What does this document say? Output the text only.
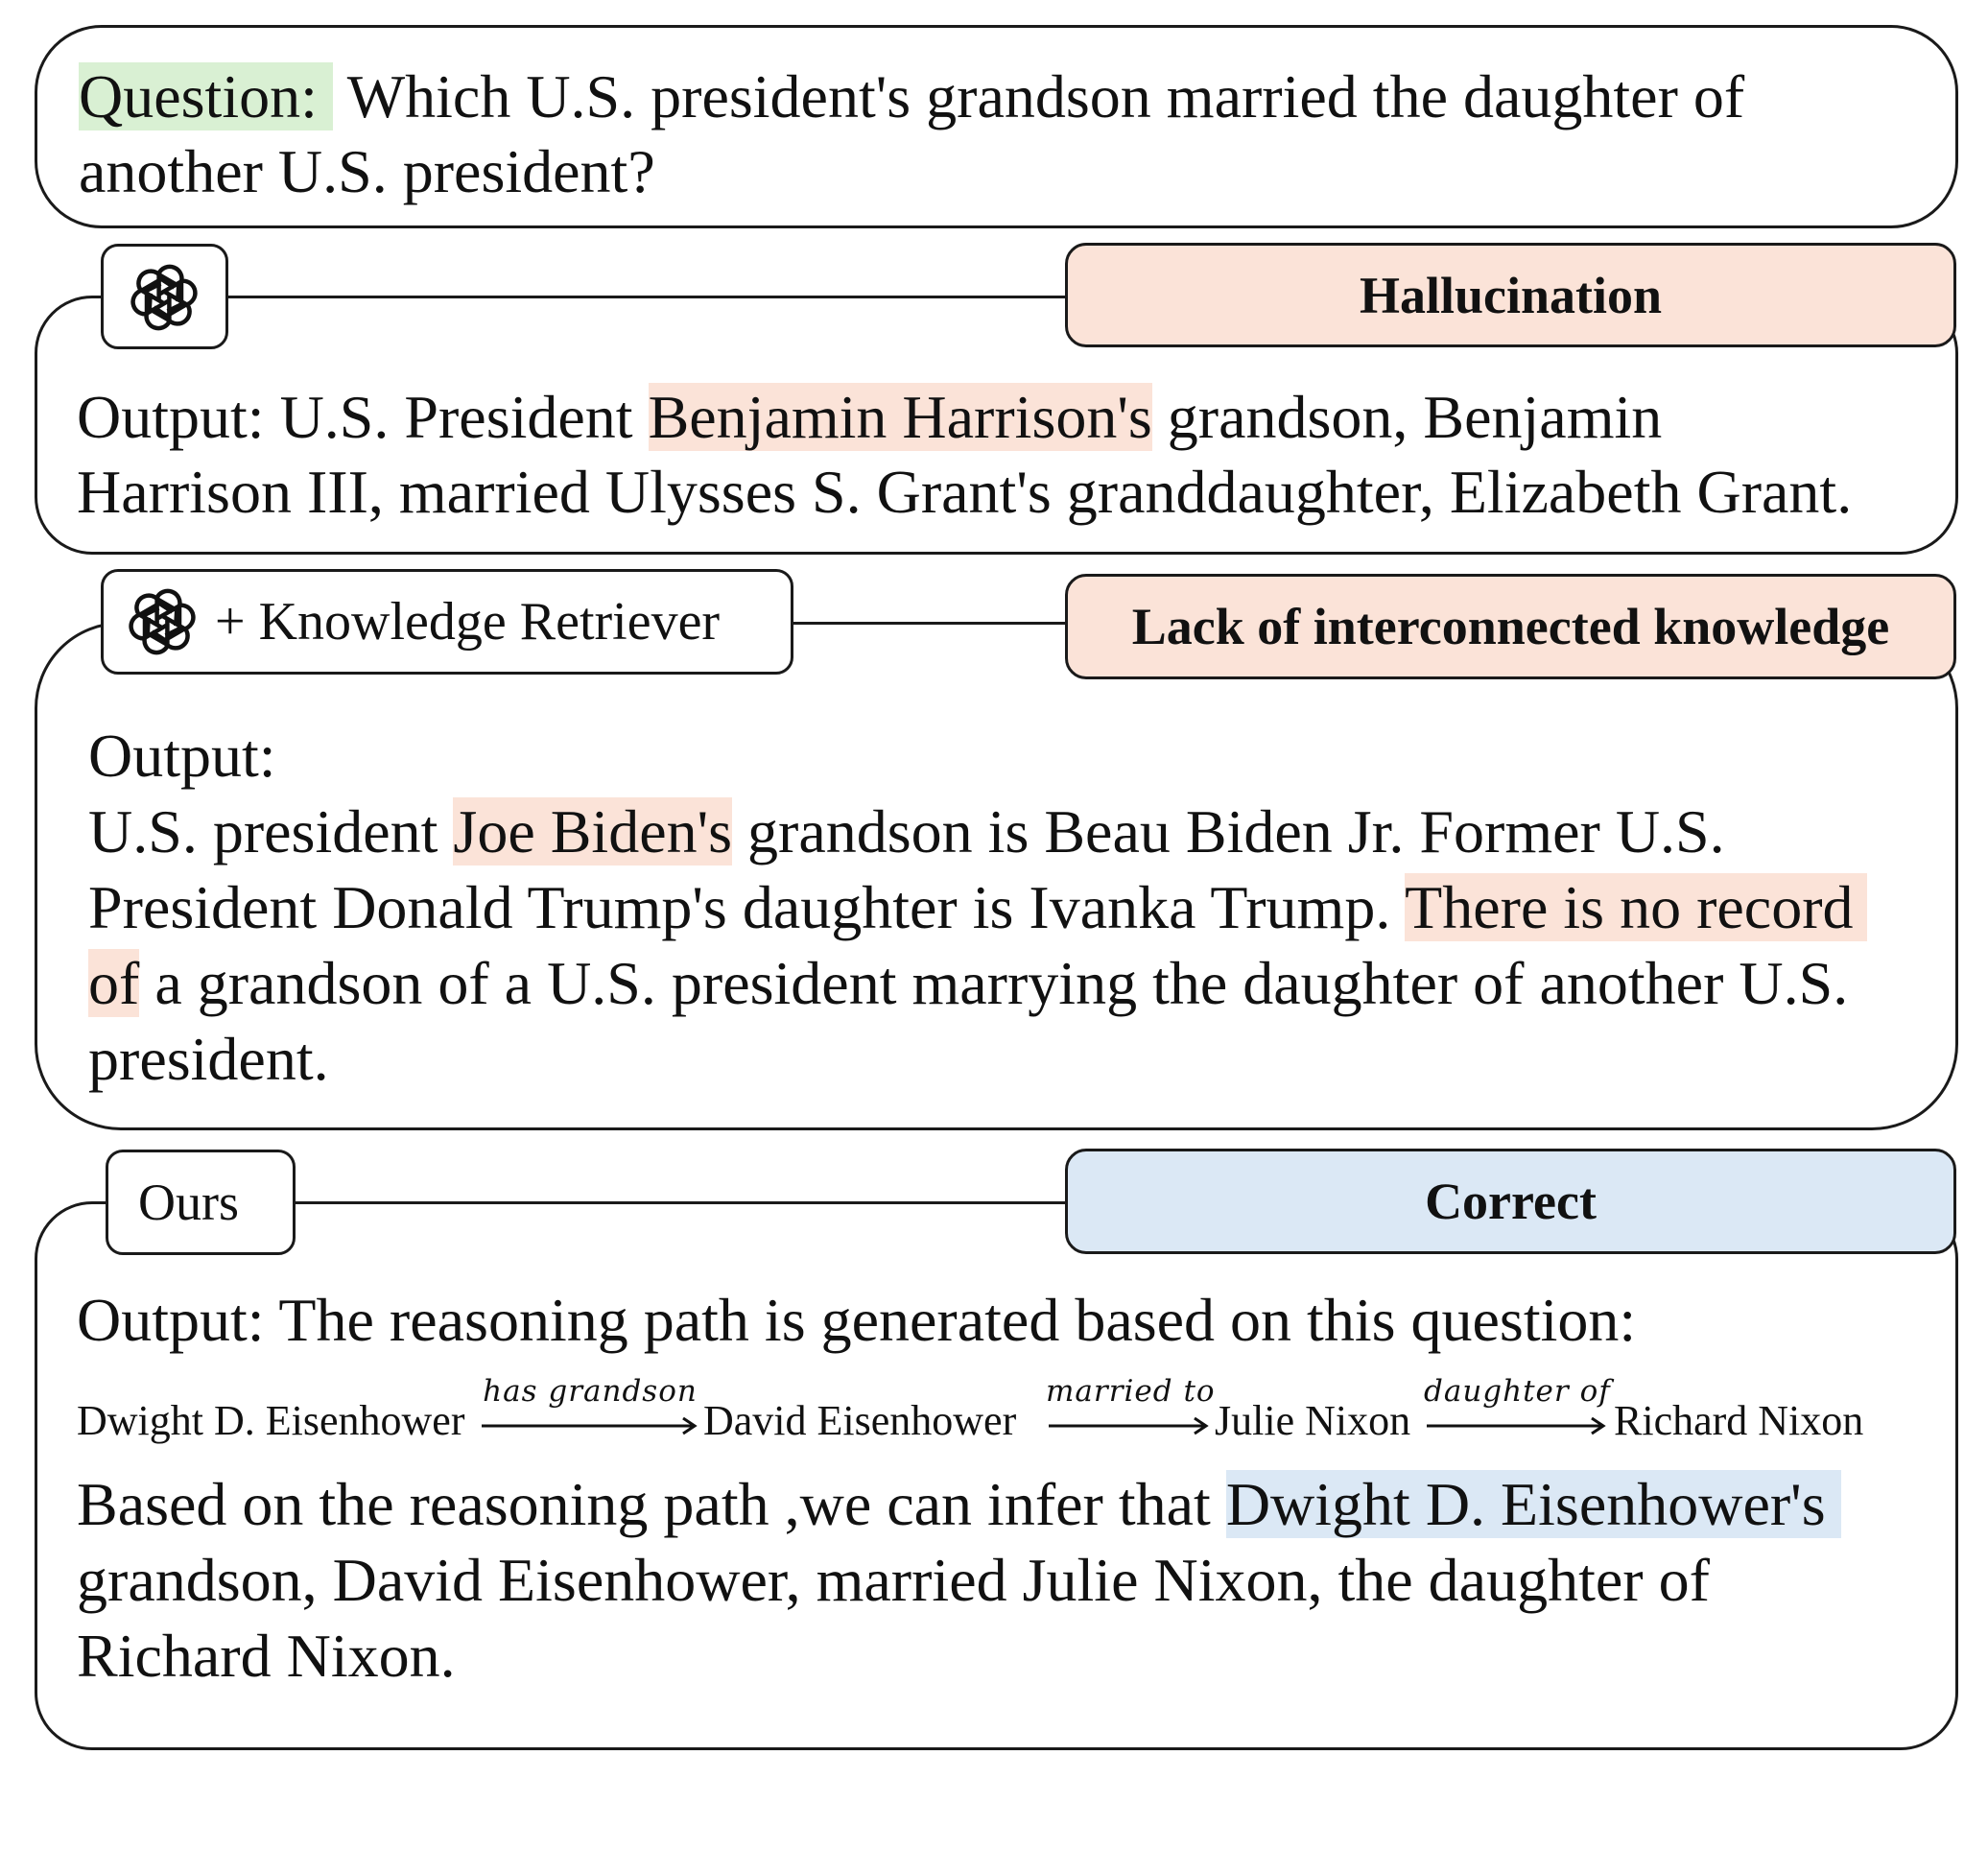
Question: Which U.S. president's grandson married the daughter of
another U.S. president?
Hallucination
Output: U.S. President Benjamin Harrison's grandson, Benjamin
Harrison III, married Ulysses S. Grant's granddaughter, Elizabeth Grant.
+ Knowledge Retriever	Lack of interconnected knowledge
Output:
U.S. president Joe Biden's grandson is Beau Biden Jr. Former U.S.
President Donald Trump's daughter is Ivanka Trump. There is no record
of a grandson of a U.S. president marrying the daughter of another U.S.
president.
Ours	Correct
Output: The reasoning path is generated based on this question:
Dwight D. Eisenhower
has grandson
David Eisenhower
married to
Julie Nixon
daughter of
Richard Nixon
Based on the reasoning path ,we can infer that Dwight D. Eisenhower's
grandson, David Eisenhower, married Julie Nixon, the daughter of
Richard Nixon.
